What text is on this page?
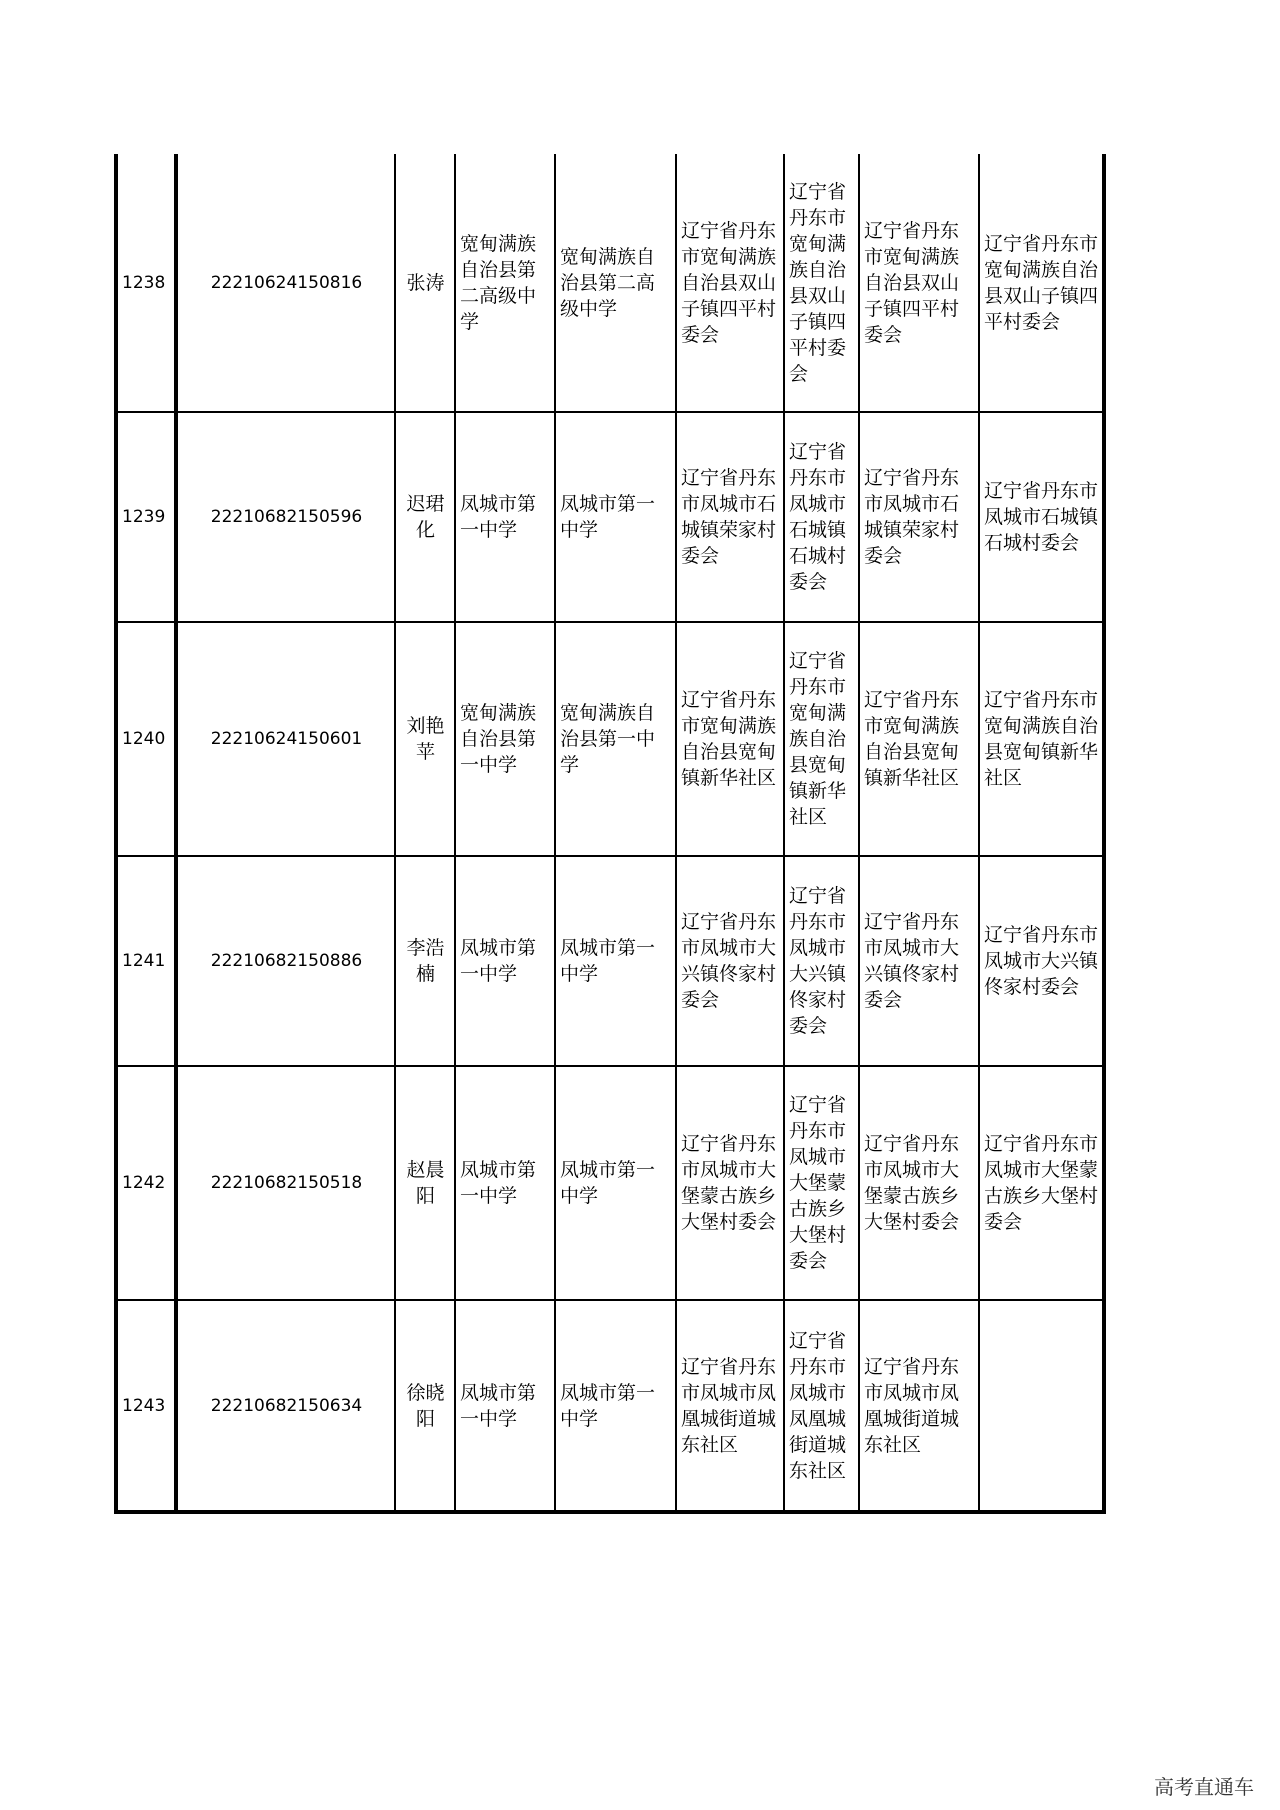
1238	22210624150816	张涛	宽甸满族自治县第二高级中学	宽甸满族自治县第二高级中学	辽宁省丹东市宽甸满族自治县双山子镇四平村委会	辽宁省丹东市宽甸满族自治县双山子镇四平村委会	辽宁省丹东市宽甸满族自治县双山子镇四平村委会	辽宁省丹东市宽甸满族自治县双山子镇四平村委会
1239	22210682150596	迟珺化	凤城市第一中学	凤城市第一中学	辽宁省丹东市凤城市石城镇荣家村委会	辽宁省丹东市凤城市石城镇石城村委会	辽宁省丹东市凤城市石城镇荣家村委会	辽宁省丹东市凤城市石城镇石城村委会
1240	22210624150601	刘艳苹	宽甸满族自治县第一中学	宽甸满族自治县第一中学	辽宁省丹东市宽甸满族自治县宽甸镇新华社区	辽宁省丹东市宽甸满族自治县宽甸镇新华社区	辽宁省丹东市宽甸满族自治县宽甸镇新华社区	辽宁省丹东市宽甸满族自治县宽甸镇新华社区
1241	22210682150886	李浩楠	凤城市第一中学	凤城市第一中学	辽宁省丹东市凤城市大兴镇佟家村委会	辽宁省丹东市凤城市大兴镇佟家村委会	辽宁省丹东市凤城市大兴镇佟家村委会	辽宁省丹东市凤城市大兴镇佟家村委会
1242	22210682150518	赵晨阳	凤城市第一中学	凤城市第一中学	辽宁省丹东市凤城市大堡蒙古族乡大堡村委会	辽宁省丹东市凤城市大堡蒙古族乡大堡村委会	辽宁省丹东市凤城市大堡蒙古族乡大堡村委会	辽宁省丹东市凤城市大堡蒙古族乡大堡村委会
1243	22210682150634	徐晓阳	凤城市第一中学	凤城市第一中学	辽宁省丹东市凤城市凤凰城街道城东社区	辽宁省丹东市凤城市凤凰城街道城东社区	辽宁省丹东市凤城市凤凰城街道城东社区	
高考直通车
